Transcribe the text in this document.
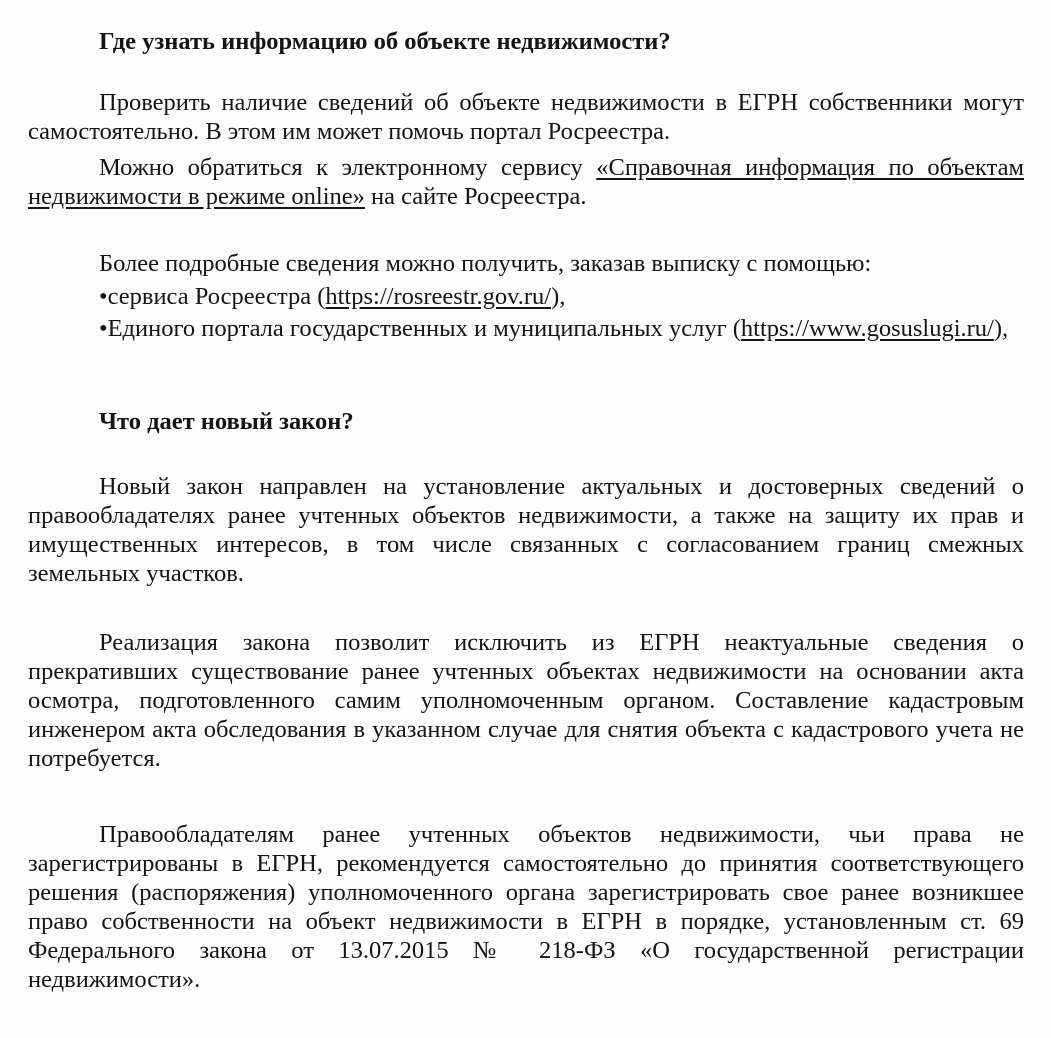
Где узнать информацию об объекте недвижимости?

Проверить наличие сведений об объекте недвижимости в ЕГРН собственники могут самостоятельно. В этом им может помочь портал Росреестра.

Можно обратиться к электронному сервису «Справочная информация по объектам недвижимости в режиме online» на сайте Росреестра.

Более подробные сведения можно получить, заказав выписку с помощью:

•сервиса Росреестра (https://rosreestr.gov.ru/),

•Единого портала государственных и муниципальных услуг (https://www.gosuslugi.ru/),

Что дает новый закон?

Новый закон направлен на установление актуальных и достоверных сведений о правообладателях ранее учтенных объектов недвижимости, а также на защиту их прав и имущественных интересов, в том числе связанных с согласованием границ смежных земельных участков.

Реализация закона позволит исключить из ЕГРН неактуальные сведения о прекративших существование ранее учтенных объектах недвижимости на основании акта осмотра, подготовленного самим уполномоченным органом. Составление кадастровым инженером акта обследования в указанном случае для снятия объекта с кадастрового учета не потребуется.

Правообладателям ранее учтенных объектов недвижимости, чьи права не зарегистрированы в ЕГРН, рекомендуется самостоятельно до принятия соответствующего решения (распоряжения) уполномоченного органа зарегистрировать свое ранее возникшее право собственности на объект недвижимости в ЕГРН в порядке, установленным ст. 69 Федерального закона от 13.07.2015 № 218-ФЗ «О государственной регистрации недвижимости».
